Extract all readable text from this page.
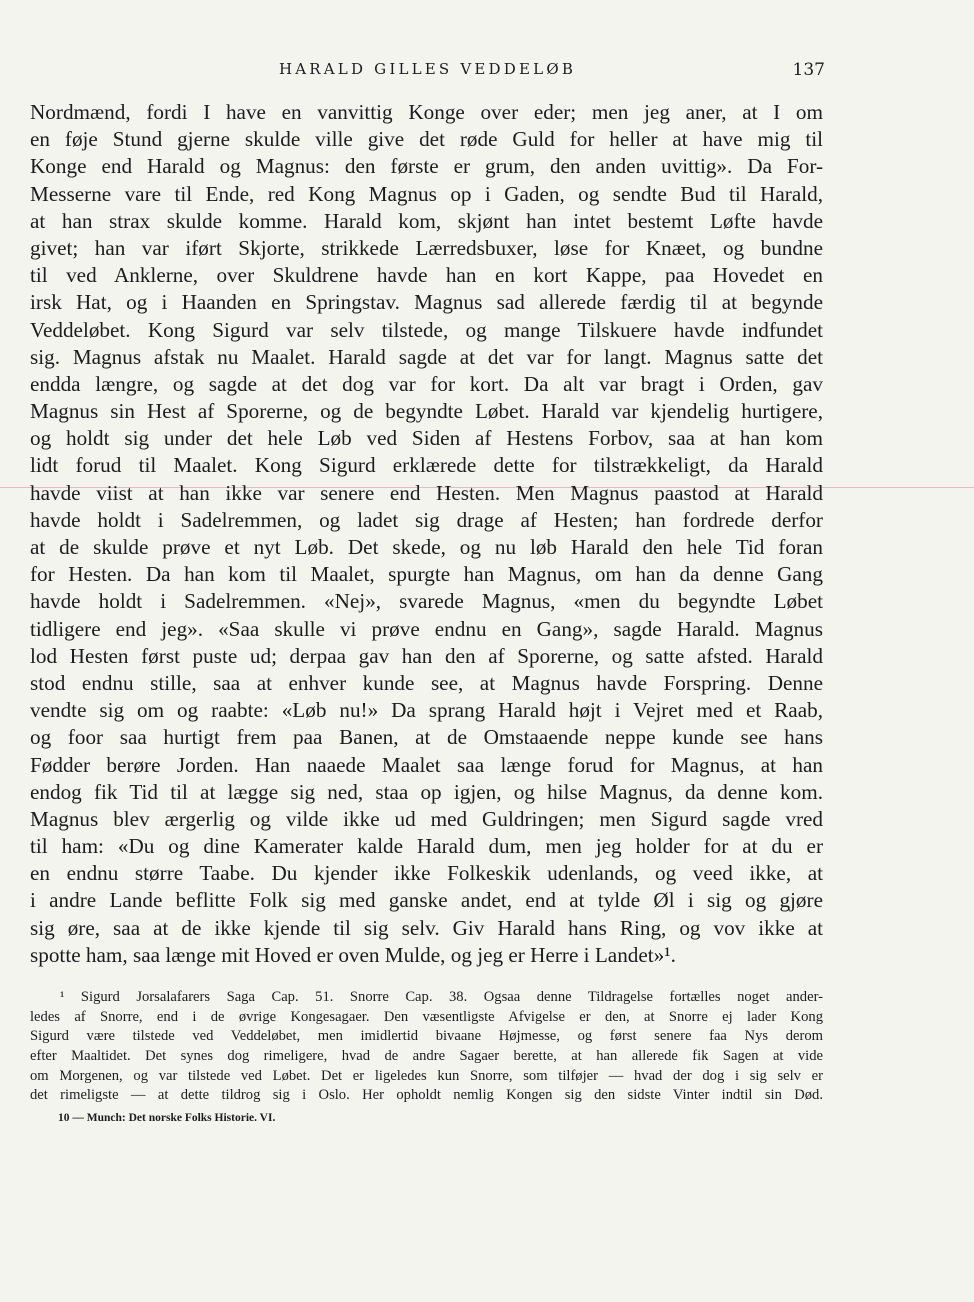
HARALD GILLES VEDDELØB	137
Nordmænd, fordi I have en vanvittig Konge over eder; men jeg aner, at I om
en føje Stund gjerne skulde ville give det røde Guld for heller at have mig til
Konge end Harald og Magnus: den første er grum, den anden uvittig». Da For-
Messerne vare til Ende, red Kong Magnus op i Gaden, og sendte Bud til Harald,
at han strax skulde komme. Harald kom, skjønt han intet bestemt Løfte havde
givet; han var iført Skjorte, strikkede Lærredsbuxer, løse for Knæet, og bundne
til ved Anklerne, over Skuldrene havde han en kort Kappe, paa Hovedet en
irsk Hat, og i Haanden en Springstav. Magnus sad allerede færdig til at begynde
Veddeløbet. Kong Sigurd var selv tilstede, og mange Tilskuere havde indfundet
sig. Magnus afstak nu Maalet. Harald sagde at det var for langt. Magnus satte det
endda længre, og sagde at det dog var for kort. Da alt var bragt i Orden, gav
Magnus sin Hest af Sporerne, og de begyndte Løbet. Harald var kjendelig hurtigere,
og holdt sig under det hele Løb ved Siden af Hestens Forbov, saa at han kom
lidt forud til Maalet. Kong Sigurd erklærede dette for tilstrækkeligt, da Harald
havde viist at han ikke var senere end Hesten. Men Magnus paastod at Harald
havde holdt i Sadelremmen, og ladet sig drage af Hesten; han fordrede derfor
at de skulde prøve et nyt Løb. Det skede, og nu løb Harald den hele Tid foran
for Hesten. Da han kom til Maalet, spurgte han Magnus, om han da denne Gang
havde holdt i Sadelremmen. «Nej», svarede Magnus, «men du begyndte Løbet
tidligere end jeg». «Saa skulle vi prøve endnu en Gang», sagde Harald. Magnus
lod Hesten først puste ud; derpaa gav han den af Sporerne, og satte afsted. Harald
stod endnu stille, saa at enhver kunde see, at Magnus havde Forspring. Denne
vendte sig om og raabte: «Løb nu!» Da sprang Harald højt i Vejret med et Raab,
og foor saa hurtigt frem paa Banen, at de Omstaaende neppe kunde see hans
Fødder berøre Jorden. Han naaede Maalet saa længe forud for Magnus, at han
endog fik Tid til at lægge sig ned, staa op igjen, og hilse Magnus, da denne kom.
Magnus blev ærgerlig og vilde ikke ud med Guldringen; men Sigurd sagde vred
til ham: «Du og dine Kamerater kalde Harald dum, men jeg holder for at du er
en endnu større Taabe. Du kjender ikke Folkeskik udenlands, og veed ikke, at
i andre Lande beflitte Folk sig med ganske andet, end at tylde Øl i sig og gjøre
sig øre, saa at de ikke kjende til sig selv. Giv Harald hans Ring, og vov ikke at
spotte ham, saa længe mit Hoved er oven Mulde, og jeg er Herre i Landet»¹.
¹ Sigurd Jorsalafarers Saga Cap. 51. Snorre Cap. 38. Ogsaa denne Tildragelse fortælles noget ander-
ledes af Snorre, end i de øvrige Kongesagaer. Den væsentligste Afvigelse er den, at Snorre ej lader Kong
Sigurd være tilstede ved Veddeløbet, men imidlertid bivaane Højmesse, og først senere faa Nys derom
efter Maaltidet. Det synes dog rimeligere, hvad de andre Sagaer berette, at han allerede fik Sagen at vide
om Morgenen, og var tilstede ved Løbet. Det er ligeledes kun Snorre, som tilføjer — hvad der dog i sig selv er
det rimeligste — at dette tildrog sig i Oslo. Her opholdt nemlig Kongen sig den sidste Vinter indtil sin Død.
10 — Munch: Det norske Folks Historie. VI.
